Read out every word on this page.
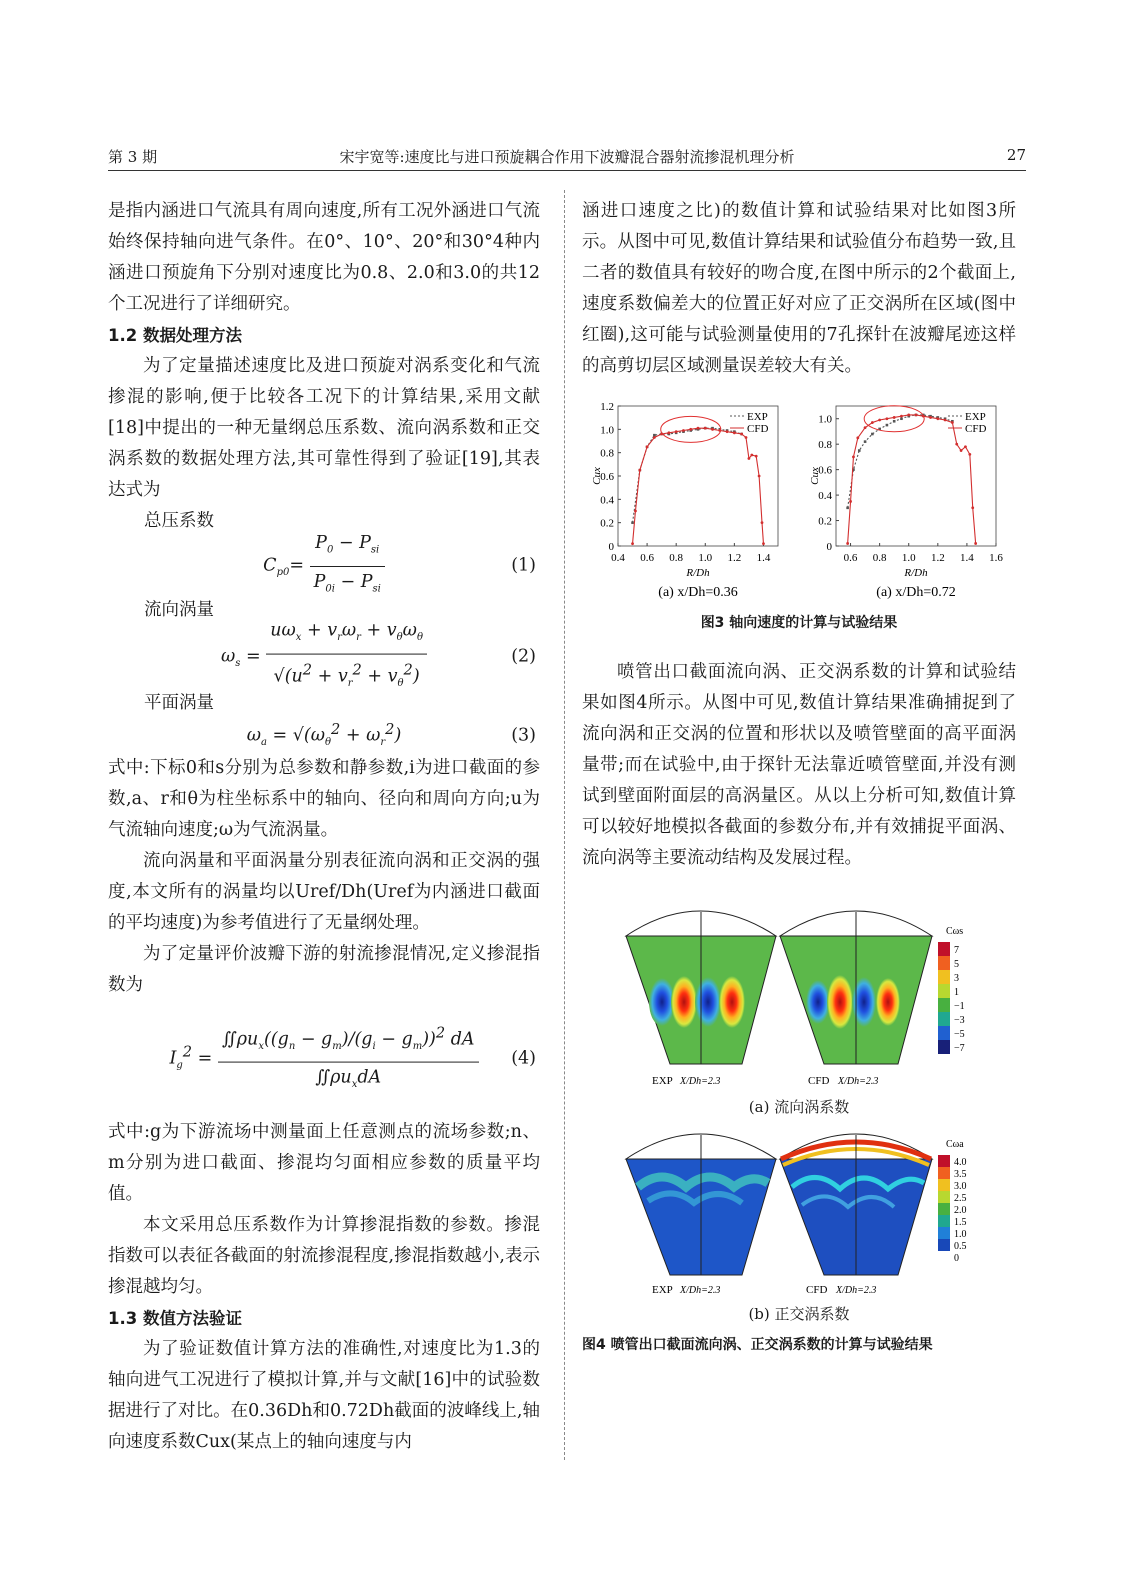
第 3 期	宋宇宽等:速度比与进口预旋耦合作用下波瓣混合器射流掺混机理分析	27

是指内涵进口气流具有周向速度,所有工况外涵进口气流始终保持轴向进气条件。在0°、10°、20°和30°4种内涵进口预旋角下分别对速度比为0.8、2.0和3.0的共12个工况进行了详细研究。

1.2 数据处理方法

为了定量描述速度比及进口预旋对涡系变化和气流掺混的影响,便于比较各工况下的计算结果,采用文献[18]中提出的一种无量纲总压系数、流向涡系数和正交涡系数的数据处理方法,其可靠性得到了验证[19],其表达式为

总压系数

$C_{p0}= \frac{P_0 - P_{si}}{P_{0i} - P_{si}}$	(1)

流向涡量

$\omega_s = \frac{u\omega_x + v_r\omega_r + v_\theta\omega_\theta}{√(u^2 + v_r^2 + v_\theta^2)}$	(2)

平面涡量

$\omega_a = √(\omega_\theta^2 + \omega_r^2)$	(3)

式中:下标0和s分别为总参数和静参数,i为进口截面的参数,a、r和θ为柱坐标系中的轴向、径向和周向方向;u为气流轴向速度;ω为气流涡量。

流向涡量和平面涡量分别表征流向涡和正交涡的强度,本文所有的涡量均以Uref/Dh(Uref为内涵进口截面的平均速度)为参考值进行了无量纲处理。

为了定量评价波瓣下游的射流掺混情况,定义掺混指数为

$I_g^2 = \frac{∬\rho u_x((g_n - g_m)/(g_i - g_m))^2 dA}{∬\rho u_xdA} (4)$

式中:g为下游流场中测量面上任意测点的流场参数;n、m分别为进口截面、掺混均匀面相应参数的质量平均值。

本文采用总压系数作为计算掺混指数的参数。掺混指数可以表征各截面的射流掺混程度,掺混指数越小,表示掺混越均匀。

1.3 数值方法验证

为了验证数值计算方法的准确性,对速度比为1.3的轴向进气工况进行了模拟计算,并与文献[16]中的试验数据进行了对比。在0.36Dh和0.72Dh截面的波峰线上,轴向速度系数Cux(某点上的轴向速度与内

涵进口速度之比)的数值计算和试验结果对比如图3所示。从图中可见,数值计算结果和试验值分布趋势一致,且二者的数值具有较好的吻合度,在图中所示的2个截面上,速度系数偏差大的位置正好对应了正交涡所在区域(图中红圈),这可能与试验测量使用的7孔探针在波瓣尾迹这样的高剪切层区域测量误差较大有关。

0
0.2
0.4
0.6
0.8
1.0
1.2
0.4 0.6 0.8 1.0 1.2 1.4
R/Dh
Cux
EXP
CFD
(a) x/Dh=0.36
0
0.2
0.4
0.6
0.8
1.0
0.6 0.8 1.0 1.2 1.4 1.6
R/Dh
Cux
EXP
CFD
(a) x/Dh=0.72

图3 轴向速度的计算与试验结果

喷管出口截面流向涡、正交涡系数的计算和试验结果如图4所示。从图中可见,数值计算结果准确捕捉到了流向涡和正交涡的位置和形状以及喷管壁面的高平面涡量带;而在试验中,由于探针无法靠近喷管壁面,并没有测试到壁面附面层的高涡量区。从以上分析可知,数值计算可以较好地模拟各截面的参数分布,并有效捕捉平面涡、流向涡等主要流动结构及发展过程。

EXP X/Dh=2.3	CFD X/Dh=2.3
Cωs
7
5
3
1
−1
−3
−5
−7

(a) 流向涡系数

EXP X/Dh=2.3	CFD X/Dh=2.3
Cωa
4.0
3.5
3.0
2.5
2.0
1.5
1.0
0.5
0

(b) 正交涡系数

图4 喷管出口截面流向涡、正交涡系数的计算与试验结果
